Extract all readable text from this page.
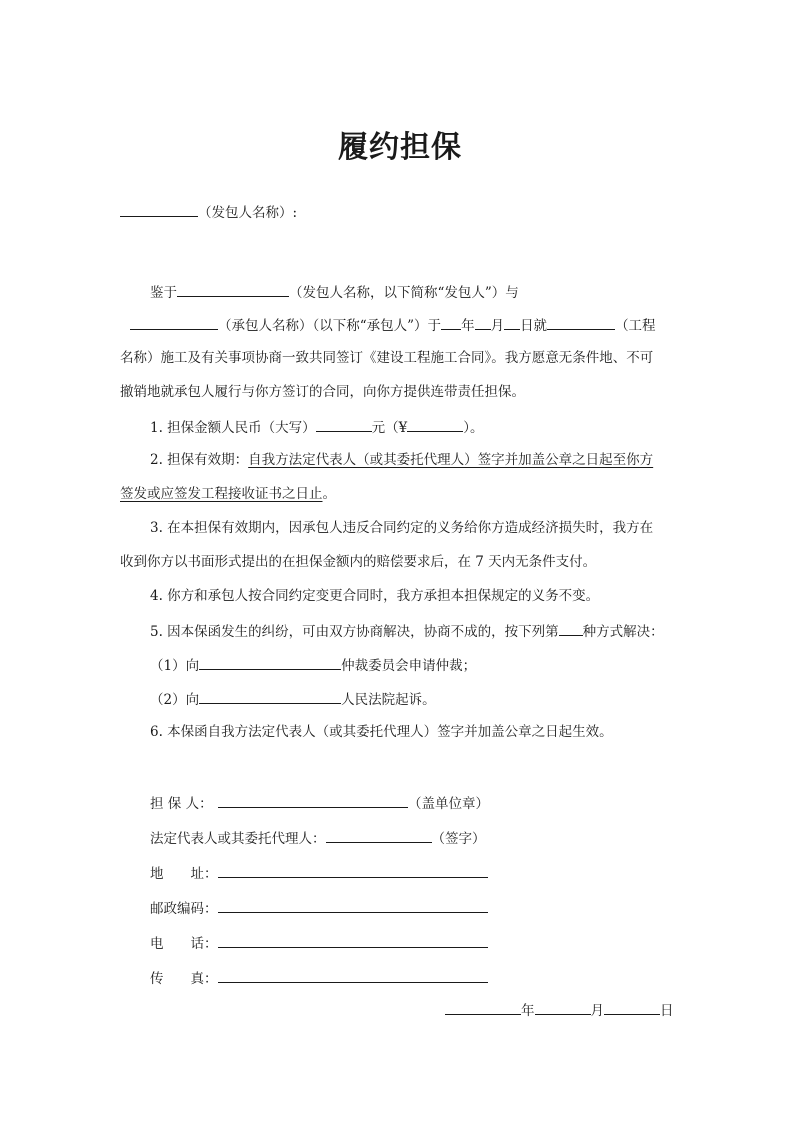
履约担保
（发包人名称）:
鉴于	（发包人名称，以下简称“发包人”）与
（承包人名称）（以下称“承包人”）于 年 月 日就	（工程
名称）施工及有关事项协商一致共同签订《建设工程施工合同》。我方愿意无条件地、不可
撤销地就承包人履行与你方签订的合同，向你方提供连带责任担保。
1. 担保金额人民币（大写）	元（¥	）。
2. 担保有效期：自我方法定代表人（或其委托代理人）签字并加盖公章之日起至你方
签发或应签发工程接收证书之日止。
3. 在本担保有效期内，因承包人违反合同约定的义务给你方造成经济损失时，我方在
收到你方以书面形式提出的在担保金额内的赔偿要求后，在 7 天内无条件支付。
4. 你方和承包人按合同约定变更合同时，我方承担本担保规定的义务不变。
5. 因本保函发生的纠纷，可由双方协商解决，协商不成的，按下列第 种方式解决：
（1）向	仲裁委员会申请仲裁；
（2）向	人民法院起诉。
6. 本保函自我方法定代表人（或其委托代理人）签字并加盖公章之日起生效。
担 保 人：	（盖单位章）
法定代表人或其委托代理人：	（签字）
地　　址：
邮政编码：
电　　话：
传　　真：
年	月	日
